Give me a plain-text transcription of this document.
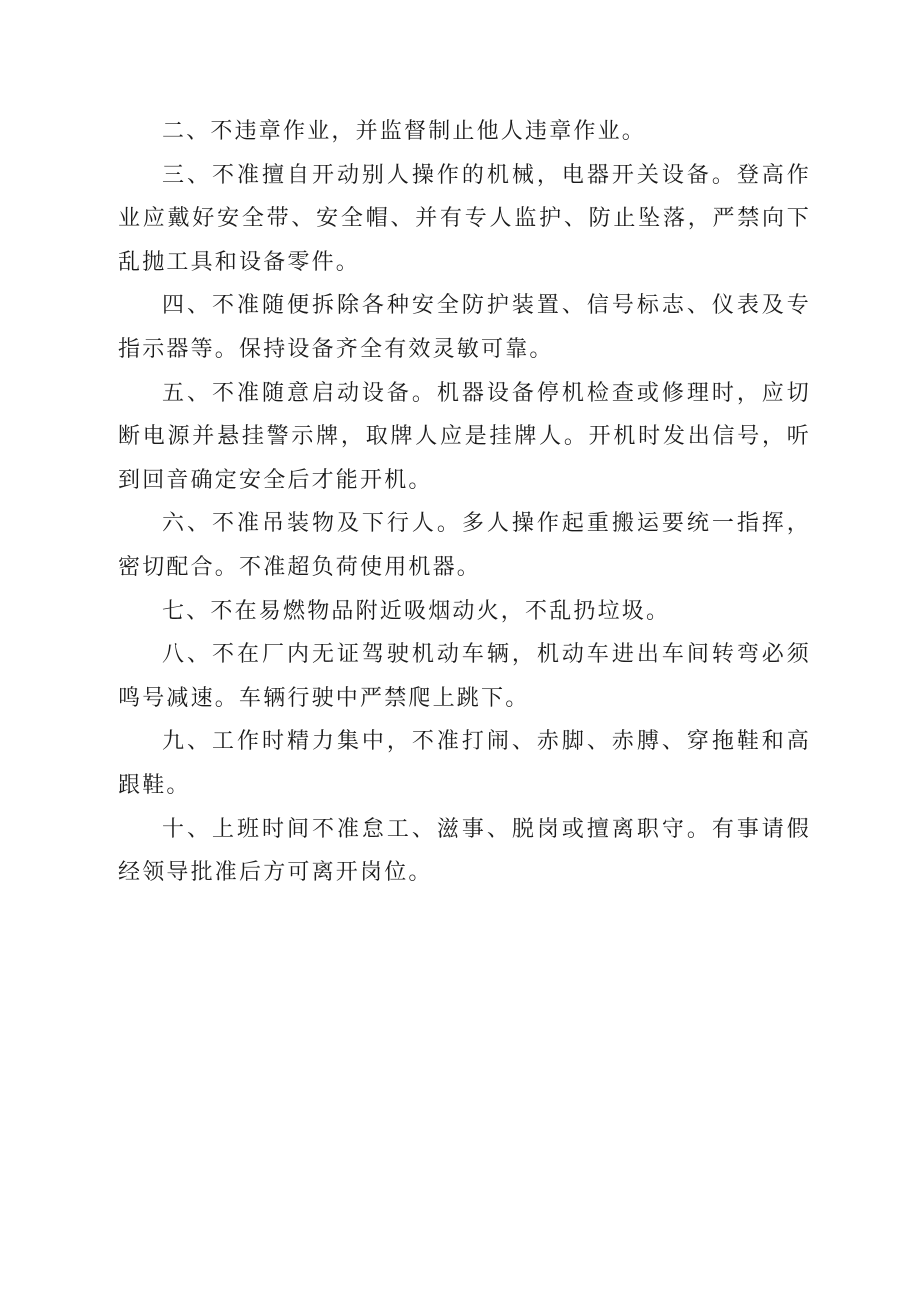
二、不违章作业，并监督制止他人违章作业。

三、不准擅自开动别人操作的机械，电器开关设备。登高作业应戴好安全带、安全帽、并有专人监护、防止坠落，严禁向下乱抛工具和设备零件。

四、不准随便拆除各种安全防护装置、信号标志、仪表及专指示器等。保持设备齐全有效灵敏可靠。

五、不准随意启动设备。机器设备停机检查或修理时，应切断电源并悬挂警示牌，取牌人应是挂牌人。开机时发出信号，听到回音确定安全后才能开机。

六、不准吊装物及下行人。多人操作起重搬运要统一指挥，密切配合。不准超负荷使用机器。

七、不在易燃物品附近吸烟动火，不乱扔垃圾。

八、不在厂内无证驾驶机动车辆，机动车进出车间转弯必须鸣号减速。车辆行驶中严禁爬上跳下。

九、工作时精力集中，不准打闹、赤脚、赤膊、穿拖鞋和高跟鞋。

十、上班时间不准怠工、滋事、脱岗或擅离职守。有事请假经领导批准后方可离开岗位。
